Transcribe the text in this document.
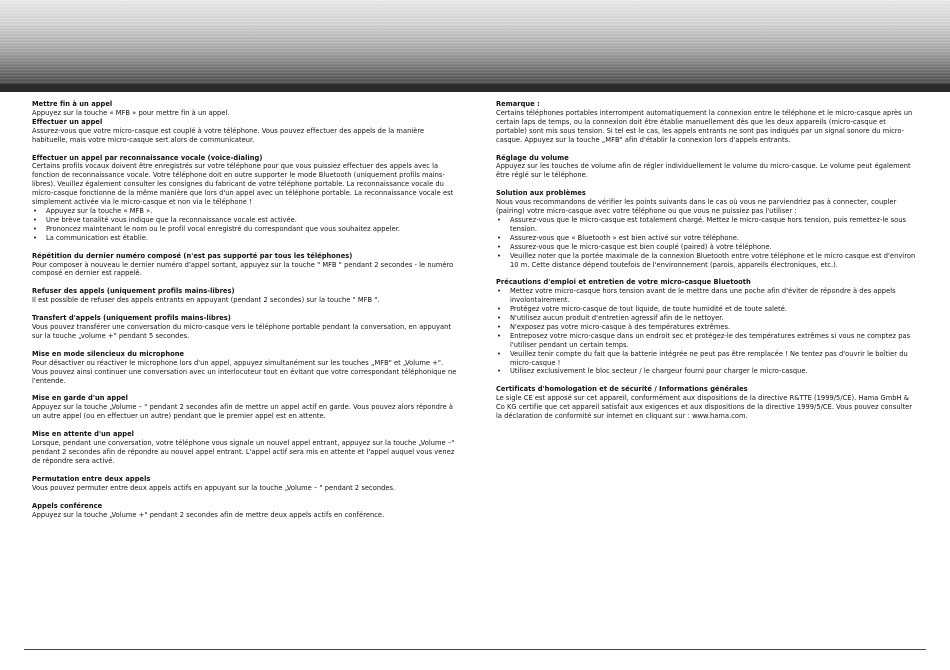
Mettre fin à un appel
Appuyez sur la touche « MFB » pour mettre fin à un appel.
Effectuer un appel
Assurez-vous que votre micro-casque est couplé à votre téléphone. Vous pouvez effectuer des appels de la manière habituelle, mais votre micro-casque sert alors de communicateur.
Effectuer un appel par reconnaissance vocale (voice-dialing)
Certains profils vocaux doivent être enregistrés sur votre téléphone pour que vous puissiez effectuer des appels avec la fonction de reconnaissance vocale. Votre téléphone doit en outre supporter le mode Bluetooth (uniquement profils mains-libres). Veuillez également consulter les consignes du fabricant de votre téléphone portable. La reconnaissance vocale du micro-casque fonctionne de la même manière que lors d'un appel avec un téléphone portable. La reconnaissance vocale est simplement activée via le micro-casque et non via le téléphone !
• Appuyez sur la touche « MFB ».
• Une brève tonalité vous indique que la reconnaissance vocale est activée.
• Prononcez maintenant le nom ou le profil vocal enregistré du correspondant que vous souhaitez appeler.
• La communication est établie.
Répétition du dernier numéro composé (n'est pas supporté par tous les téléphones)
Pour composer à nouveau le dernier numéro d'appel sortant, appuyez sur la touche " MFB " pendant 2 secondes - le numéro composé en dernier est rappelé.
Refuser des appels (uniquement profils mains-libres)
Il est possible de refuser des appels entrants en appuyant (pendant 2 secondes) sur la touche " MFB ".
Transfert d'appels (uniquement profils mains-libres)
Vous pouvez transférer une conversation du micro-casque vers le téléphone portable pendant la conversation, en appuyant sur la touche „volume +" pendant 5 secondes.
Mise en mode silencieux du microphone
Pour désactiver ou réactiver le microphone lors d'un appel, appuyez simultanément sur les touches „MFB" et „Volume +". Vous pouvez ainsi continuer une conversation avec un interlocuteur tout en évitant que votre correspondant téléphonique ne l'entende.
Mise en garde d'un appel
Appuyez sur la touche „Volume – " pendant 2 secondes afin de mettre un appel actif en garde. Vous pouvez alors répondre à un autre appel (ou en effectuer un autre) pendant que le premier appel est en attente.
Mise en attente d'un appel
Lorsque, pendant une conversation, votre téléphone vous signale un nouvel appel entrant, appuyez sur la touche „Volume –" pendant 2 secondes afin de répondre au nouvel appel entrant. L'appel actif sera mis en attente et l'appel auquel vous venez de répondre sera activé.
Permutation entre deux appels
Vous pouvez permuter entre deux appels actifs en appuyant sur la touche „Volume – " pendant 2 secondes.
Appels conférence
Appuyez sur la touche „Volume +" pendant 2 secondes afin de mettre deux appels actifs en conférence.
Remarque :
Certains téléphones portables interrompent automatiquement la connexion entre le téléphone et le micro-casque après un certain laps de temps, ou la connexion doit être établie manuellement dès que les deux appareils (micro-casque et portable) sont mis sous tension. Si tel est le cas, les appels entrants ne sont pas indiqués par un signal sonore du micro-casque. Appuyez sur la touche „MFB" afin d'établir la connexion lors d'appels entrants.
Réglage du volume
Appuyez sur les touches de volume afin de régler individuellement le volume du micro-casque. Le volume peut également être réglé sur le téléphone.
Solution aux problèmes
Nous vous recommandons de vérifier les points suivants dans le cas où vous ne parviendriez pas à connecter, coupler (pairing) votre micro-casque avec votre téléphone ou que vous ne puissiez pas l'utiliser :
• Assurez-vous que le micro-casque est totalement chargé. Mettez le micro-casque hors tension, puis remettez-le sous tension.
• Assurez-vous que « Bluetooth » est bien activé sur votre téléphone.
• Assurez-vous que le micro-casque est bien couplé (paired) à votre téléphone.
• Veuillez noter que la portée maximale de la connexion Bluetooth entre votre téléphone et le micro casque est d'environ 10 m. Cette distance dépend toutefois de l'environnement (parois, appareils électroniques, etc.).
Précautions d'emploi et entretien de votre micro-casque Bluetooth
• Mettez votre micro-casque hors tension avant de le mettre dans une poche afin d'éviter de répondre à des appels involontairement.
• Protégez votre micro-casque de tout liquide, de toute humidité et de toute saleté.
• N'utilisez aucun produit d'entretien agressif afin de le nettoyer.
• N'exposez pas votre micro-casque à des températures extrêmes.
• Entreposez votre micro-casque dans un endroit sec et protégez-le des températures extrêmes si vous ne comptez pas l'utiliser pendant un certain temps.
• Veuillez tenir compte du fait que la batterie intégrée ne peut pas être remplacée ! Ne tentez pas d'ouvrir le boîtier du micro-casque !
• Utilisez exclusivement le bloc secteur / le chargeur fourni pour charger le micro-casque.
Certificats d'homologation et de sécurité / Informations générales
Le sigle CE est apposé sur cet appareil, conformément aux dispositions de la directive R&TTE (1999/5/CE). Hama GmbH & Co KG certifie que cet appareil satisfait aux exigences et aux dispositions de la directive 1999/5/CE. Vous pouvez consulter la déclaration de conformité sur internet en cliquant sur : www.hama.com.
